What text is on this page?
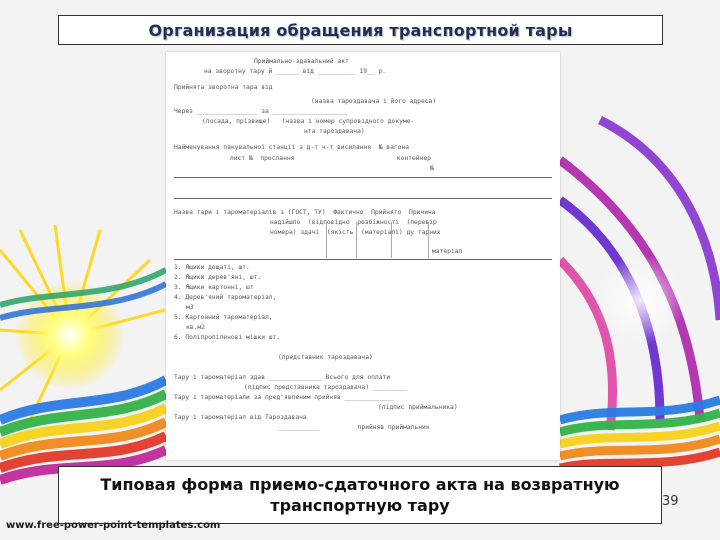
Организация обращения транспортной тары
Приймально-здавальний акт
на зворотну тару й ______ від __________ 19__ р.
Прийнята зворотна тара від
(назва тароздавача і його адреса)
Через ________________ за ____________________
(посада, прізвище)   (назва і номер супровідного докуме-
нта тароздавача)
Найменування пакувальної станції з д-т ч-т висилання  № вагона
лист №  прослання                           контейнер
№
Назва тари і тароматеріалів з (ГОСТ, ТУ)  Фактично  Прийнято  Причина
надійшло  (відповідно  розбіжності  (перевір
номера) здачі  (якість  (матеріалі) ду тарних
матеріал
1. Ящики дощаті, шт.
2. Ящики дерев'яні, шт.
3. Ящики картонні, шт
4. Дерев'яний тароматеріал,
м3
5. Картонний тароматеріал,
кв.м2
6. Поліпропіленові мішки шт.
(представник тароздавача)
Тару і тароматеріал здав ______________ Всього для оплати
(підпис представника тароздавача) _________
Тару і тароматеріали за пред'явленим прийняв _____________
(підпис приймальника)
Тару і тароматеріал від Тароздавача
___________          прийняв приймальник
Типовая форма приемо-сдаточного акта на возвратную
транспортную тару	39
www.free-power-point-templates.com
